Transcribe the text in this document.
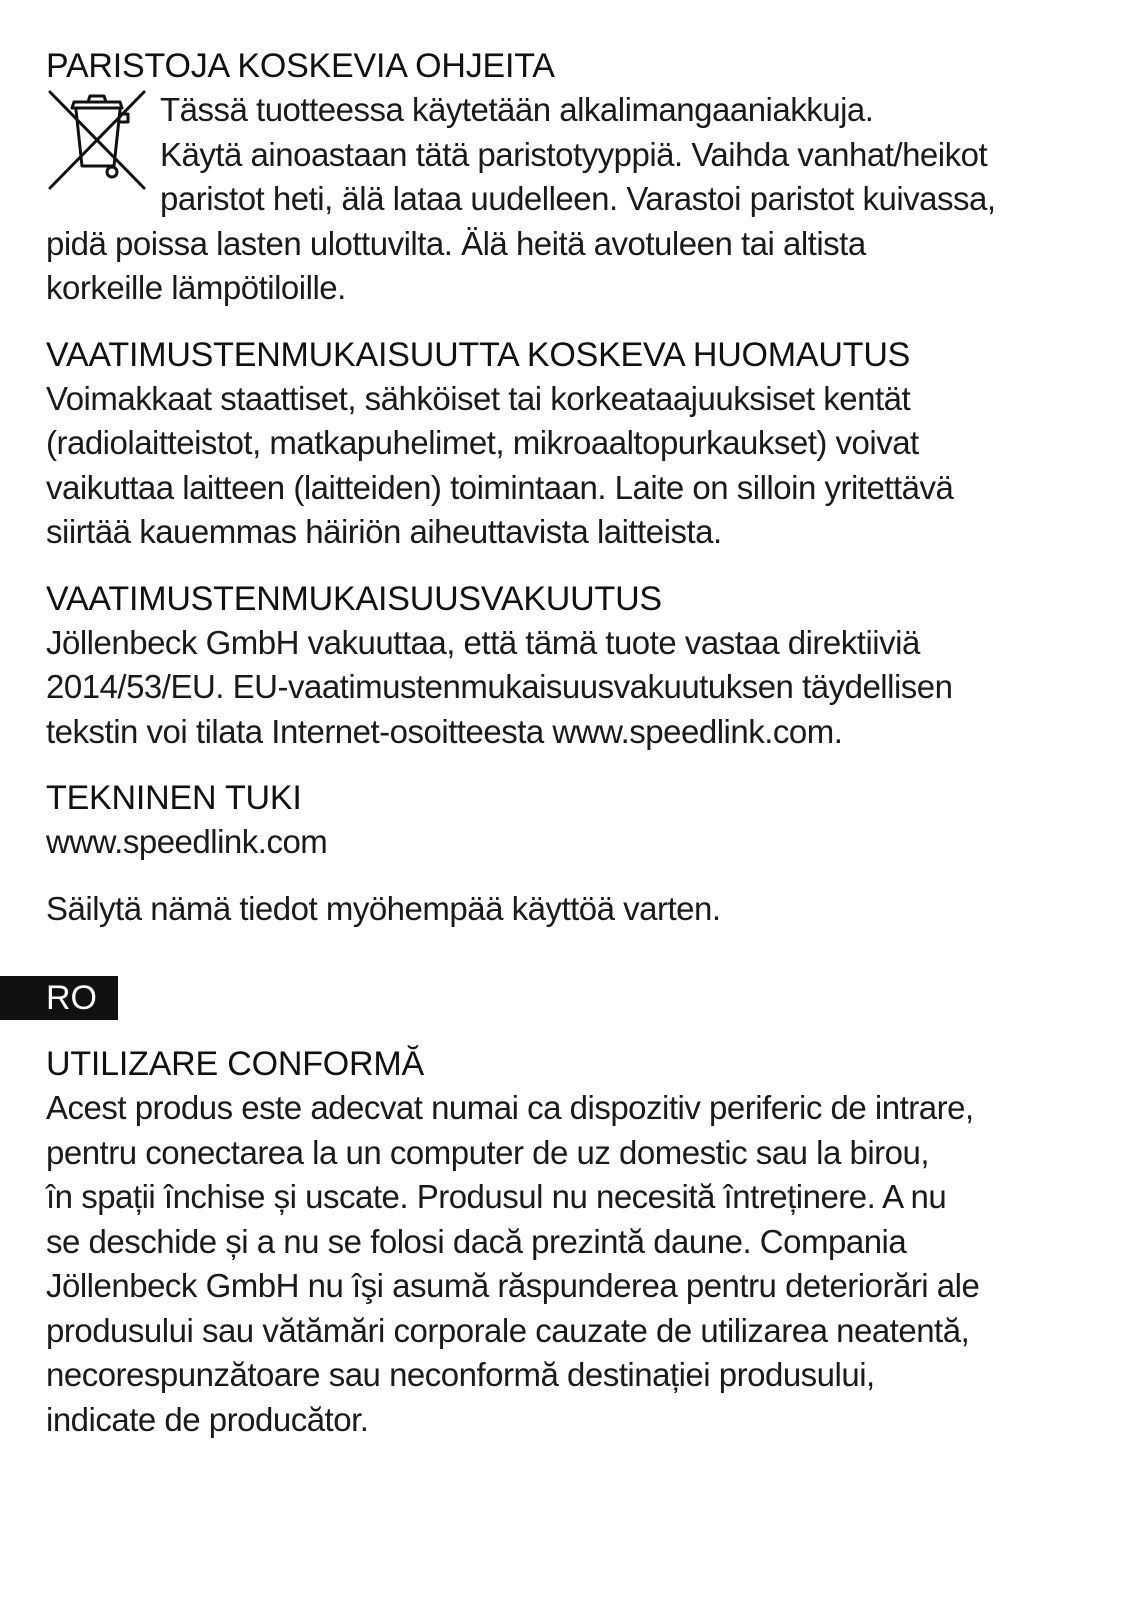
PARISTOJA KOSKEVIA OHJEITA

Tässä tuotteessa käytetään alkalimangaaniakkuja.
Käytä ainoastaan tätä paristotyyppiä. Vaihda vanhat/heikot
paristot heti, älä lataa uudelleen. Varastoi paristot kuivassa,
pidä poissa lasten ulottuvilta. Älä heitä avotuleen tai altista
korkeille lämpötiloille.

VAATIMUSTENMUKAISUUTTA KOSKEVA HUOMAUTUS

Voimakkaat staattiset, sähköiset tai korkeataajuuksiset kentät
(radiolaitteistot, matkapuhelimet, mikroaaltopurkaukset) voivat
vaikuttaa laitteen (laitteiden) toimintaan. Laite on silloin yritettävä
siirtää kauemmas häiriön aiheuttavista laitteista.

VAATIMUSTENMUKAISUUSVAKUUTUS

Jöllenbeck GmbH vakuuttaa, että tämä tuote vastaa direktiiviä
2014/53/EU. EU-vaatimustenmukaisuusvakuutuksen täydellisen
tekstin voi tilata Internet-osoitteesta www.speedlink.com.

TEKNINEN TUKI

www.speedlink.com

Säilytä nämä tiedot myöhempää käyttöä varten.

RO
UTILIZARE CONFORMĂ

Acest produs este adecvat numai ca dispozitiv periferic de intrare,
pentru conectarea la un computer de uz domestic sau la birou,
în spații închise și uscate. Produsul nu necesită întreținere. A nu
se deschide și a nu se folosi dacă prezintă daune. Compania
Jöllenbeck GmbH nu îşi asumă răspunderea pentru deteriorări ale
produsului sau vătămări corporale cauzate de utilizarea neatentă,
necorespunzătoare sau neconformă destinației produsului,
indicate de producător.
